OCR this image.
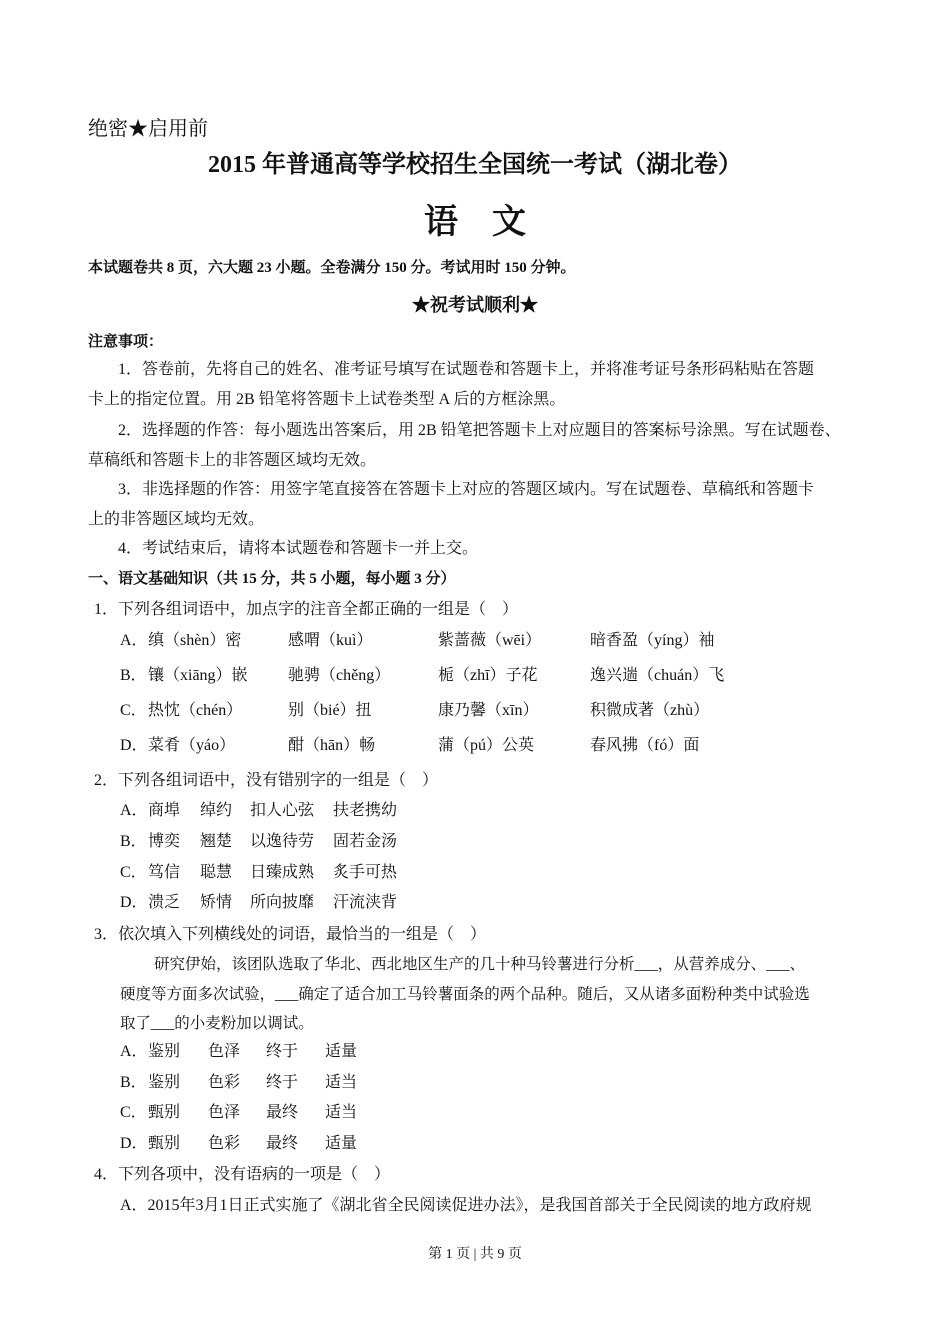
绝密★启用前
2015 年普通高等学校招生全国统一考试（湖北卷）
语　文
本试题卷共 8 页，六大题 23 小题。全卷满分 150 分。考试用时 150 分钟。
★祝考试顺利★
注意事项：
1．答卷前，先将自己的姓名、准考证号填写在试题卷和答题卡上，并将准考证号条形码粘贴在答题
卡上的指定位置。用 2B 铅笔将答题卡上试卷类型 A 后的方框涂黑。
2．选择题的作答：每小题选出答案后，用 2B 铅笔把答题卡上对应题目的答案标号涂黑。写在试题卷、
草稿纸和答题卡上的非答题区域均无效。
3．非选择题的作答：用签字笔直接答在答题卡上对应的答题区域内。写在试题卷、草稿纸和答题卡
上的非答题区域均无效。
4．考试结束后，请将本试题卷和答题卡一并上交。
一、语文基础知识（共 15 分，共 5 小题，每小题 3 分）
1．下列各组词语中，加点字的注音全都正确的一组是（　）
A． 缜（shèn）密	感喟（kuì）	紫蔷薇（wēi）	暗香盈（yíng）袖
B． 镶（xiāng）嵌	驰骋（chěng）	栀（zhī）子花	逸兴遄（chuán）飞
C． 热忱（chén）	别（bié）扭	康乃馨（xīn）	积微成著（zhù）
D． 菜肴（yáo）	酣（hān）畅	蒲（pú）公英	春风拂（fó）面
2．下列各组词语中，没有错别字的一组是（　）
A． 商埠 绰约 扣人心弦 扶老携幼
B． 博奕 翘楚 以逸待劳 固若金汤
C． 笃信 聪慧 日臻成熟 炙手可热
D． 溃乏 矫情 所向披靡 汗流浃背
3．依次填入下列横线处的词语，最恰当的一组是（　）
研究伊始，该团队选取了华北、西北地区生产的几十种马铃薯进行分析___，从营养成分、___、
硬度等方面多次试验，___确定了适合加工马铃薯面条的两个品种。随后，又从诸多面粉种类中试验选
取了___的小麦粉加以调试。
A． 鉴别 色泽 终于 适量
B． 鉴别 色彩 终于 适当
C． 甄别 色泽 最终 适当
D． 甄别 色彩 最终 适量
4．下列各项中，没有语病的一项是（　）
A．2015年3月1日正式实施了《湖北省全民阅读促进办法》，是我国首部关于全民阅读的地方政府规
第 1 页 | 共 9 页
